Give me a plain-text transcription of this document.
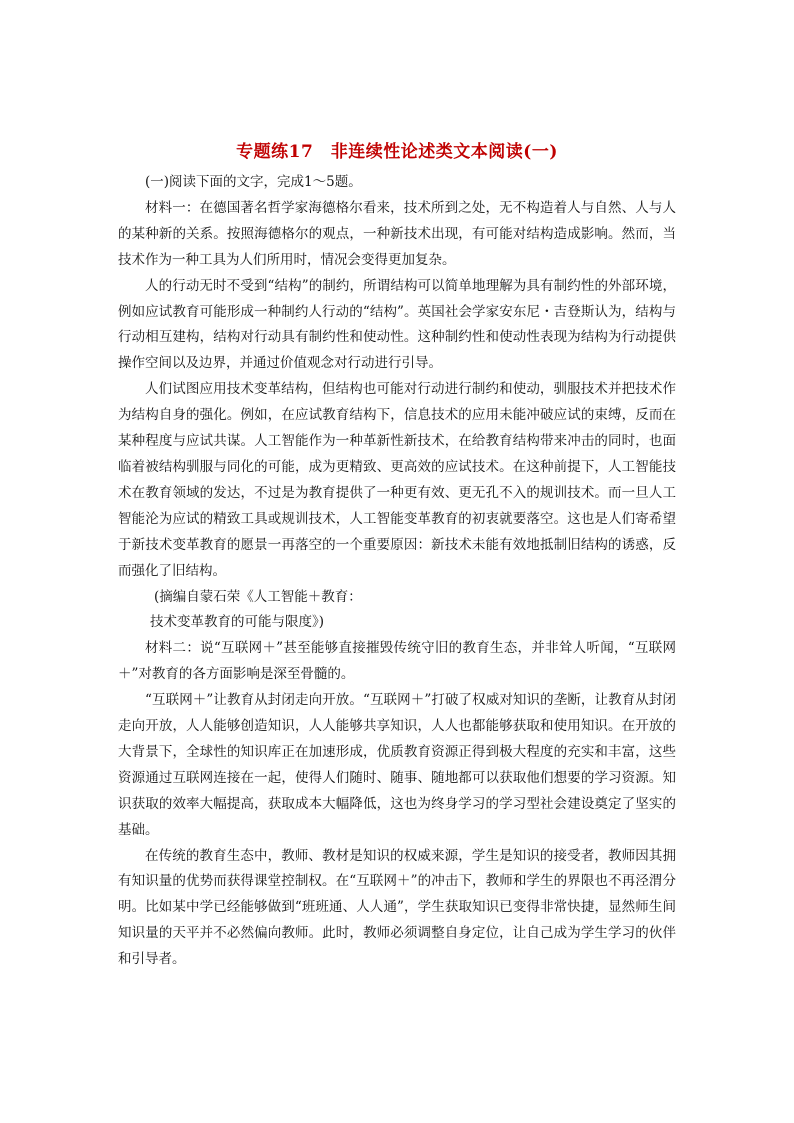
专题练17　非连续性论述类文本阅读(一)

(一)阅读下面的文字，完成1～5题。

材料一：在德国著名哲学家海德格尔看来，技术所到之处，无不构造着人与自然、人与人的某种新的关系。按照海德格尔的观点，一种新技术出现，有可能对结构造成影响。然而，当技术作为一种工具为人们所用时，情况会变得更加复杂。

人的行动无时不受到“结构”的制约，所谓结构可以简单地理解为具有制约性的外部环境，例如应试教育可能形成一种制约人行动的“结构”。英国社会学家安东尼・吉登斯认为，结构与行动相互建构，结构对行动具有制约性和使动性。这种制约性和使动性表现为结构为行动提供操作空间以及边界，并通过价值观念对行动进行引导。

人们试图应用技术变革结构，但结构也可能对行动进行制约和使动，驯服技术并把技术作为结构自身的强化。例如，在应试教育结构下，信息技术的应用未能冲破应试的束缚，反而在某种程度与应试共谋。人工智能作为一种革新性新技术，在给教育结构带来冲击的同时，也面临着被结构驯服与同化的可能，成为更精致、更高效的应试技术。在这种前提下，人工智能技术在教育领域的发达，不过是为教育提供了一种更有效、更无孔不入的规训技术。而一旦人工智能沦为应试的精致工具或规训技术，人工智能变革教育的初衷就要落空。这也是人们寄希望于新技术变革教育的愿景一再落空的一个重要原因：新技术未能有效地抵制旧结构的诱惑，反而强化了旧结构。

(摘编自蒙石荣《人工智能＋教育：
技术变革教育的可能与限度》)

材料二：说“互联网＋”甚至能够直接摧毁传统守旧的教育生态，并非耸人听闻，“互联网＋”对教育的各方面影响是深至骨髓的。

“互联网＋”让教育从封闭走向开放。“互联网＋”打破了权威对知识的垄断，让教育从封闭走向开放，人人能够创造知识，人人能够共享知识，人人也都能够获取和使用知识。在开放的大背景下，全球性的知识库正在加速形成，优质教育资源正得到极大程度的充实和丰富，这些资源通过互联网连接在一起，使得人们随时、随事、随地都可以获取他们想要的学习资源。知识获取的效率大幅提高，获取成本大幅降低，这也为终身学习的学习型社会建设奠定了坚实的基础。

在传统的教育生态中，教师、教材是知识的权威来源，学生是知识的接受者，教师因其拥有知识量的优势而获得课堂控制权。在“互联网＋”的冲击下，教师和学生的界限也不再泾渭分明。比如某中学已经能够做到“班班通、人人通”，学生获取知识已变得非常快捷，显然师生间知识量的天平并不必然偏向教师。此时，教师必须调整自身定位，让自己成为学生学习的伙伴和引导者。
